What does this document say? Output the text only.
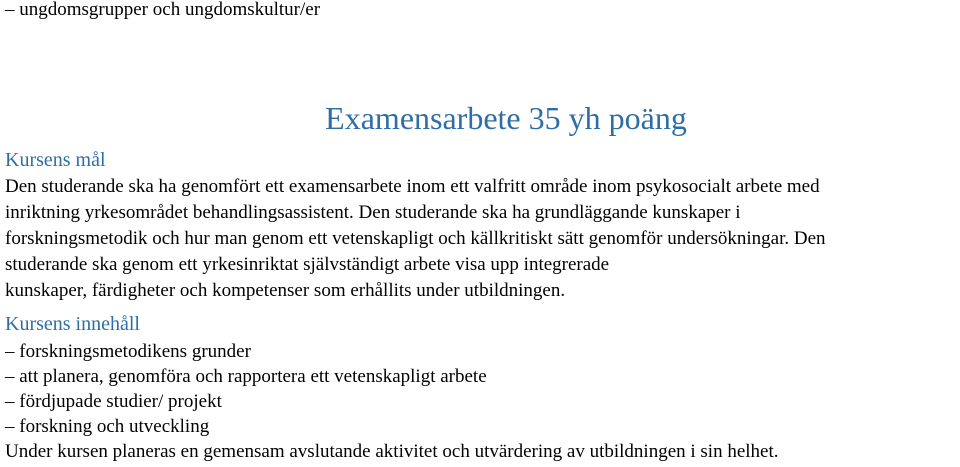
– ungdomsgrupper och ungdomskultur/er

Examensarbete 35 yh poäng
Kursens mål

Den studerande ska ha genomfört ett examensarbete inom ett valfritt område inom psykosocialt arbete med

inriktning yrkesområdet behandlingsassistent. Den studerande ska ha grundläggande kunskaper i

forskningsmetodik och hur man genom ett vetenskapligt och källkritiskt sätt genomför undersökningar. Den

studerande ska genom ett yrkesinriktat självständigt arbete visa upp integrerade

kunskaper, färdigheter och kompetenser som erhållits under utbildningen.

Kursens innehåll

– forskningsmetodikens grunder

– att planera, genomföra och rapportera ett vetenskapligt arbete

– fördjupade studier/ projekt

– forskning och utveckling

Under kursen planeras en gemensam avslutande aktivitet och utvärdering av utbildningen i sin helhet.
